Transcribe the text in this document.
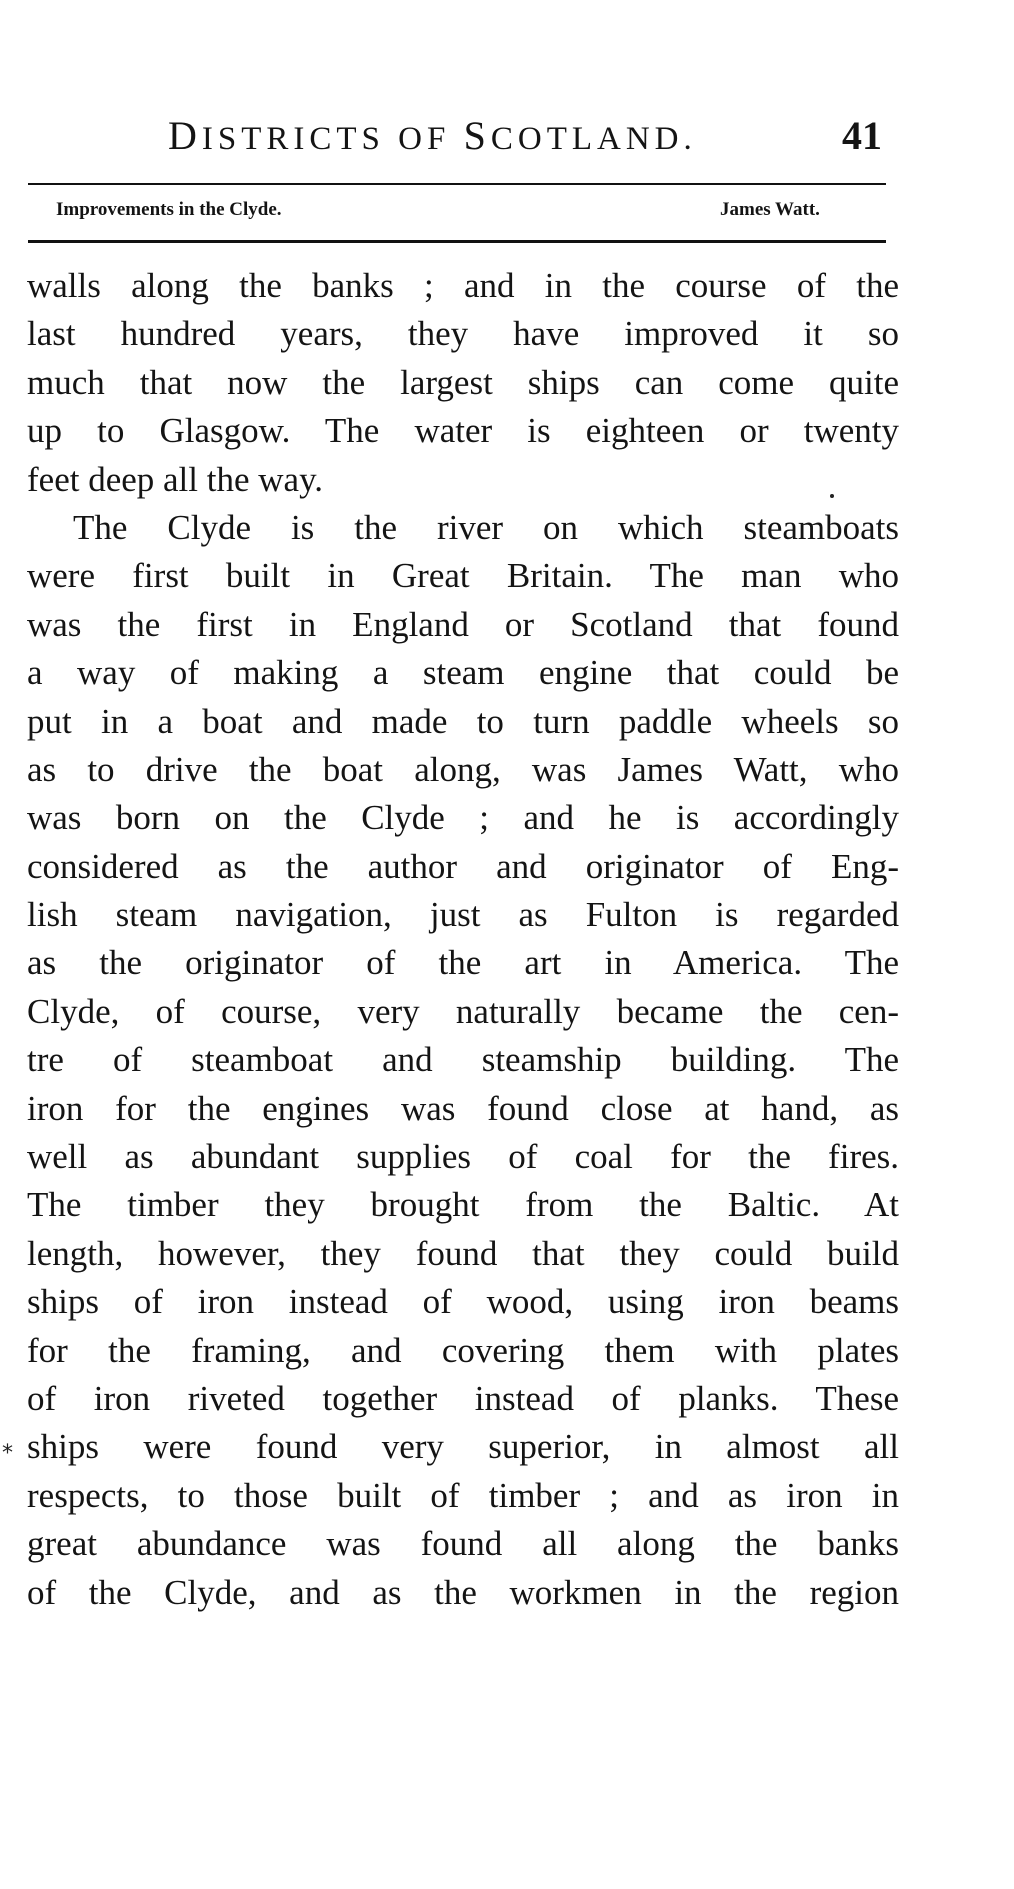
DISTRICTS OF SCOTLAND.	41
Improvements in the Clyde.	James Watt.
walls along the banks ; and in the course of the
last hundred years, they have improved it so
much that now the largest ships can come quite
up to Glasgow. The water is eighteen or twenty
feet deep all the way.
The Clyde is the river on which steamboats
were first built in Great Britain. The man who
was the first in England or Scotland that found
a way of making a steam engine that could be
put in a boat and made to turn paddle wheels so
as to drive the boat along, was James Watt, who
was born on the Clyde ; and he is accordingly
considered as the author and originator of Eng-
lish steam navigation, just as Fulton is regarded
as the originator of the art in America. The
Clyde, of course, very naturally became the cen-
tre of steamboat and steamship building. The
iron for the engines was found close at hand, as
well as abundant supplies of coal for the fires.
The timber they brought from the Baltic. At
length, however, they found that they could build
ships of iron instead of wood, using iron beams
for the framing, and covering them with plates
of iron riveted together instead of planks. These
ships were found very superior, in almost all
respects, to those built of timber ; and as iron in
great abundance was found all along the banks
of the Clyde, and as the workmen in the region
*
